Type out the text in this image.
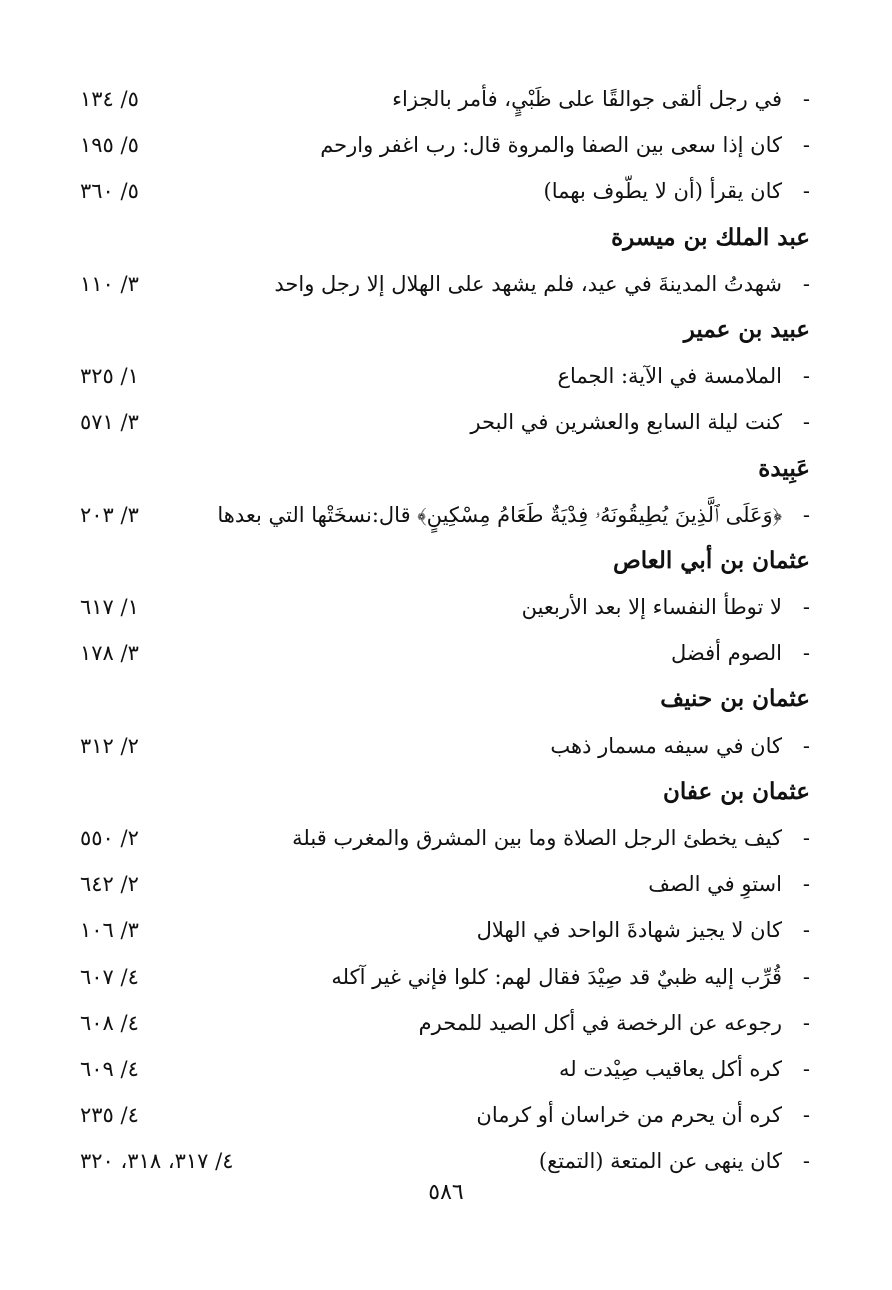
-
في رجل ألقى جوالقًا على ظَبْيٍ، فأمر بالجزاء
٥/ ١٣٤
-
كان إذا سعى بين الصفا والمروة قال: رب اغفر وارحم
٥/ ١٩٥
-
كان يقرأ (أن لا يطّوف بهما)
٥/ ٣٦٠
عبد الملك بن ميسرة
-
شهدتُ المدينةَ في عيد، فلم يشهد على الهلال إلا رجل واحد
٣/ ١١٠
عبيد بن عمير
-
الملامسة في الآية: الجماع
١/ ٣٢٥
-
كنت ليلة السابع والعشرين في البحر
٣/ ٥٧١
عَبِيدة
-
﴿وَعَلَى ٱلَّذِينَ يُطِيقُونَهُۥ فِدْيَةٌ طَعَامُ مِسْكِينٍ﴾ قال:نسخَتْها التي بعدها
٣/ ٢٠٣
عثمان بن أبي العاص
-
لا توطأ النفساء إلا بعد الأربعين
١/ ٦١٧
-
الصوم أفضل
٣/ ١٧٨
عثمان بن حنيف
-
كان في سيفه مسمار ذهب
٢/ ٣١٢
عثمان بن عفان
-
كيف يخطئ الرجل الصلاة وما بين المشرق والمغرب قبلة
٢/ ٥٥٠
-
استوِ في الصف
٢/ ٦٤٢
-
كان لا يجيز شهادةَ الواحد في الهلال
٣/ ١٠٦
-
قُرِّب إليه ظبيٌ قد صِيْدَ فقال لهم: كلوا فإني غير آكله
٤/ ٦٠٧
-
رجوعه عن الرخصة في أكل الصيد للمحرم
٤/ ٦٠٨
-
كره أكل يعاقيب صِيْدت له
٤/ ٦٠٩
-
كره أن يحرم من خراسان أو كرمان
٤/ ٢٣٥
-
كان ينهى عن المتعة (التمتع)
٤/ ٣١٧، ٣١٨، ٣٢٠
٥٨٦
